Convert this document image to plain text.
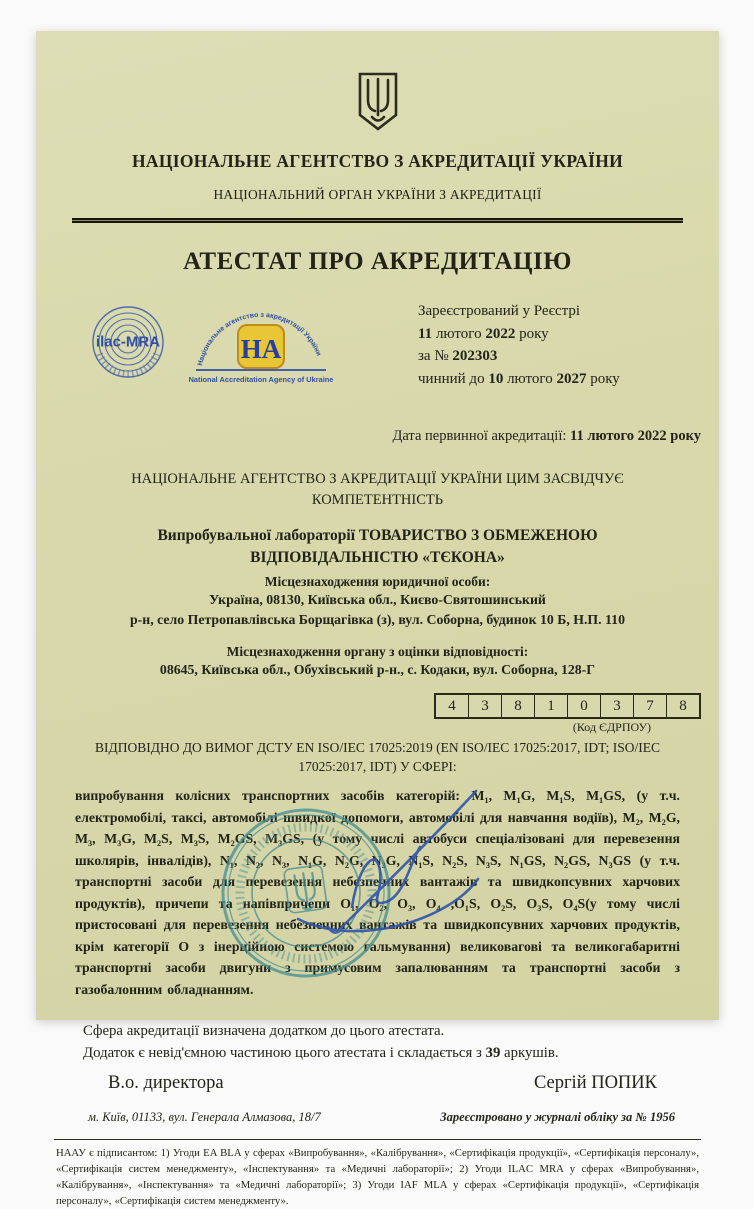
НАЦІОНАЛЬНЕ АГЕНТСТВО З АКРЕДИТАЦІЇ УКРАЇНИ
НАЦІОНАЛЬНИЙ ОРГАН УКРАЇНИ З АКРЕДИТАЦІЇ
АТЕСТАТ ПРО АКРЕДИТАЦІЮ
ilac-MRA
Національне агентство з акредитації України
НА
National Accreditation Agency of Ukraine
Зареєстрований у Реєстрі
11 лютого 2022 року
за № 202303
чинний до 10 лютого 2027 року
Дата первинної акредитації: 11 лютого 2022 року
НАЦІОНАЛЬНЕ АГЕНТСТВО З АКРЕДИТАЦІЇ УКРАЇНИ ЦИМ ЗАСВІДЧУЄ КОМПЕТЕНТНІСТЬ
Випробувальної лабораторії ТОВАРИСТВО З ОБМЕЖЕНОЮ ВІДПОВІДАЛЬНІСТЮ «ТЄКОНА»
Місцезнаходження юридичної особи:
Україна, 08130, Київська обл., Києво-Святошинський
р-н, село Петропавлівська Борщагівка (з), вул. Соборна, будинок 10 Б, Н.П. 110
Місцезнаходження органу з оцінки відповідності:
08645, Київська обл., Обухівський р-н., с. Кодаки, вул. Соборна, 128-Г
4	3	8	1	0	3	7	8
(Код ЄДРПОУ)
ВІДПОВІДНО ДО ВИМОГ ДСТУ EN ISO/IEC 17025:2019 (EN ISO/IEC 17025:2017, IDT; ISO/IEC 17025:2017, IDT) У СФЕРІ:
випробування колісних транспортних засобів категорій: M₁, M₁G, M₁S, M₁GS, (у т.ч. електромобілі, таксі, автомобілі швидкої допомоги, автомобілі для навчання водіїв), M₂, M₂G, M₃, M₃G, M₂S, M₃S, M₂GS, M₃GS, (у тому числі автобуси спеціалізовані для перевезення школярів, інвалідів), N₁, N₂, N₃, N₁G, N₂G, N₃G, N₁S, N₂S, N₃S, N₁GS, N₂GS, N₃GS (у т.ч. транспортні засоби для перевезення небезпечних вантажів та швидкопсувних харчових продуктів), причепи та напівпричепи O₁, O₂, O₃, O₄ ,O₁S, O₂S, O₃S, O₄S(у тому числі пристосовані для перевезення небезпечних вантажів та швидкопсувних харчових продуктів, крім категорії O з інерційною системою гальмування) великовагові та великогабаритні транспортні засоби двигуни з примусовим запалюванням та транспортні засоби з газобалонним обладнанням.
Сфера акредитації визначена додатком до цього атестата.
Додаток є невід'ємною частиною цього атестата і складається з 39 аркушів.
В.о. директора	Сергій ПОПИК
м. Київ, 01133, вул. Генерала Алмазова, 18/7	Зареєстровано у журналі обліку за № 1956
НААУ є підписантом: 1) Угоди EA BLA у сферах «Випробування», «Калібрування», «Сертифікація продукції», «Сертифікація персоналу», «Сертифікація систем менеджменту», «Інспектування» та «Медичні лабораторії»; 2) Угоди ILAC MRA у сферах «Випробування», «Калібрування», «Інспектування» та «Медичні лабораторії»; 3) Угоди IAF MLA у сферах «Сертифікація продукції», «Сертифікація персоналу», «Сертифікація систем менеджменту».
